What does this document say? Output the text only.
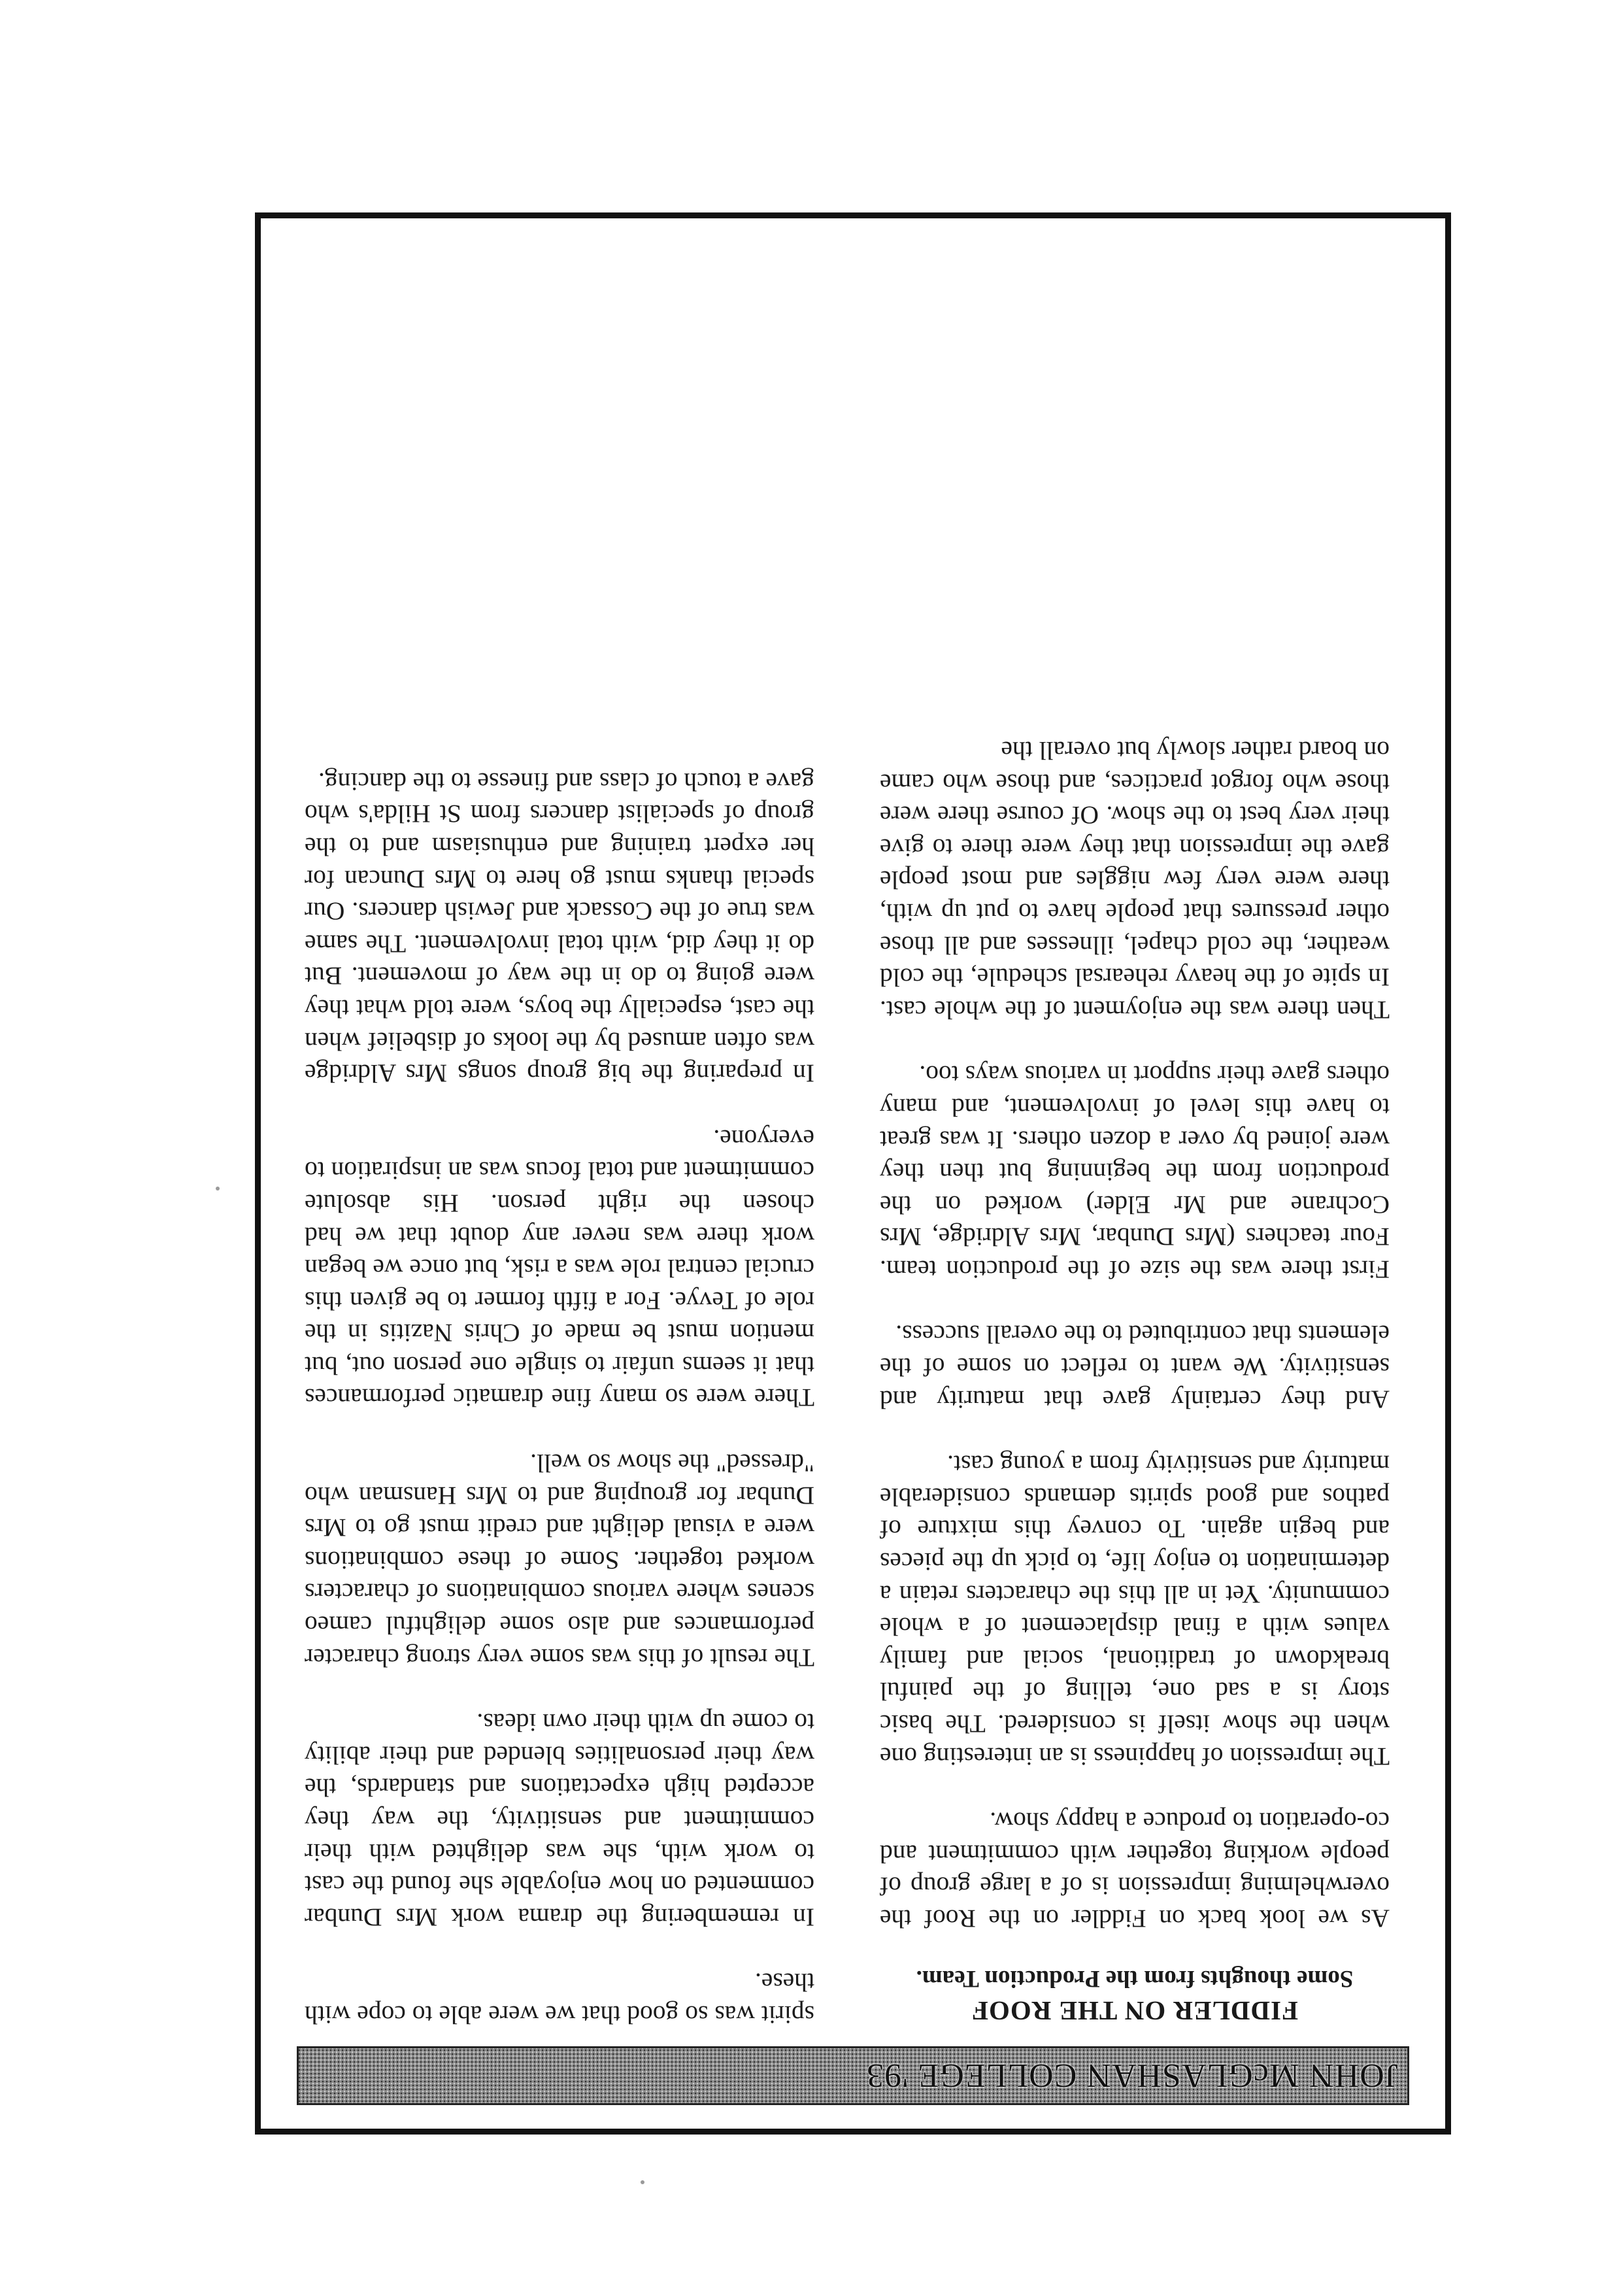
JOHN McGLASHAN COLLEGE '93
FIDDLER ON THE ROOF
Some thoughts from the Production Team.

As we look back on Fiddler on the Roof the overwhelming impression is of a large group of people working together with commitment and co-operation to produce a happy show.

The impression of happiness is an interesting one when the show itself is considered. The basic story is a sad one, telling of the painful breakdown of traditional, social and family values with a final displacement of a whole community. Yet in all this the characters retain a determination to enjoy life, to pick up the pieces and begin again. To convey this mixture of pathos and good spirits demands considerable maturity and sensitivity from a young cast.

And they certainly gave that maturity and sensitivity. We want to reflect on some of the elements that contributed to the overall success.

First there was the size of the production team. Four teachers (Mrs Dunbar, Mrs Aldridge, Mrs Cochrane and Mr Elder) worked on the production from the beginning but then they were joined by over a dozen others. It was great to have this level of involvement, and many others gave their support in various ways too.

Then there was the enjoyment of the whole cast. In spite of the heavy rehearsal schedule, the cold weather, the cold chapel, illnesses and all those other pressures that people have to put up with, there were very few niggles and most people gave the impression that they were there to give their very best to the show. Of course there were those who forgot practices, and those who came on board rather slowly but overall the

spirit was so good that we were able to cope with these.

In remembering the drama work Mrs Dunbar commented on how enjoyable she found the cast to work with, she was delighted with their commitment and sensitivity, the way they accepted high expectations and standards, the way their personalities blended and their ability to come up with their own ideas.

The result of this was some very strong character performances and also some delightful cameo scenes where various combinations of characters worked together. Some of these combinations were a visual delight and credit must go to Mrs Dunbar for grouping and to Mrs Hansman who "dressed" the show so well.

There were so many fine dramatic performances that it seems unfair to single one person out, but mention must be made of Chris Nazitis in the role of Tevye. For a fifth former to be given this crucial central role was a risk, but once we began work there was never any doubt that we had chosen the right person. His absolute commitment and total focus was an inspiration to everyone.

In preparing the big group songs Mrs Aldridge was often amused by the looks of disbelief when the cast, especially the boys, were told what they were going to do in the way of movement. But do it they did, with total involvement. The same was true of the Cossack and Jewish dancers. Our special thanks must go here to Mrs Duncan for her expert training and enthusiasm and to the group of specialist dancers from St Hilda's who gave a touch of class and finesse to the dancing.
